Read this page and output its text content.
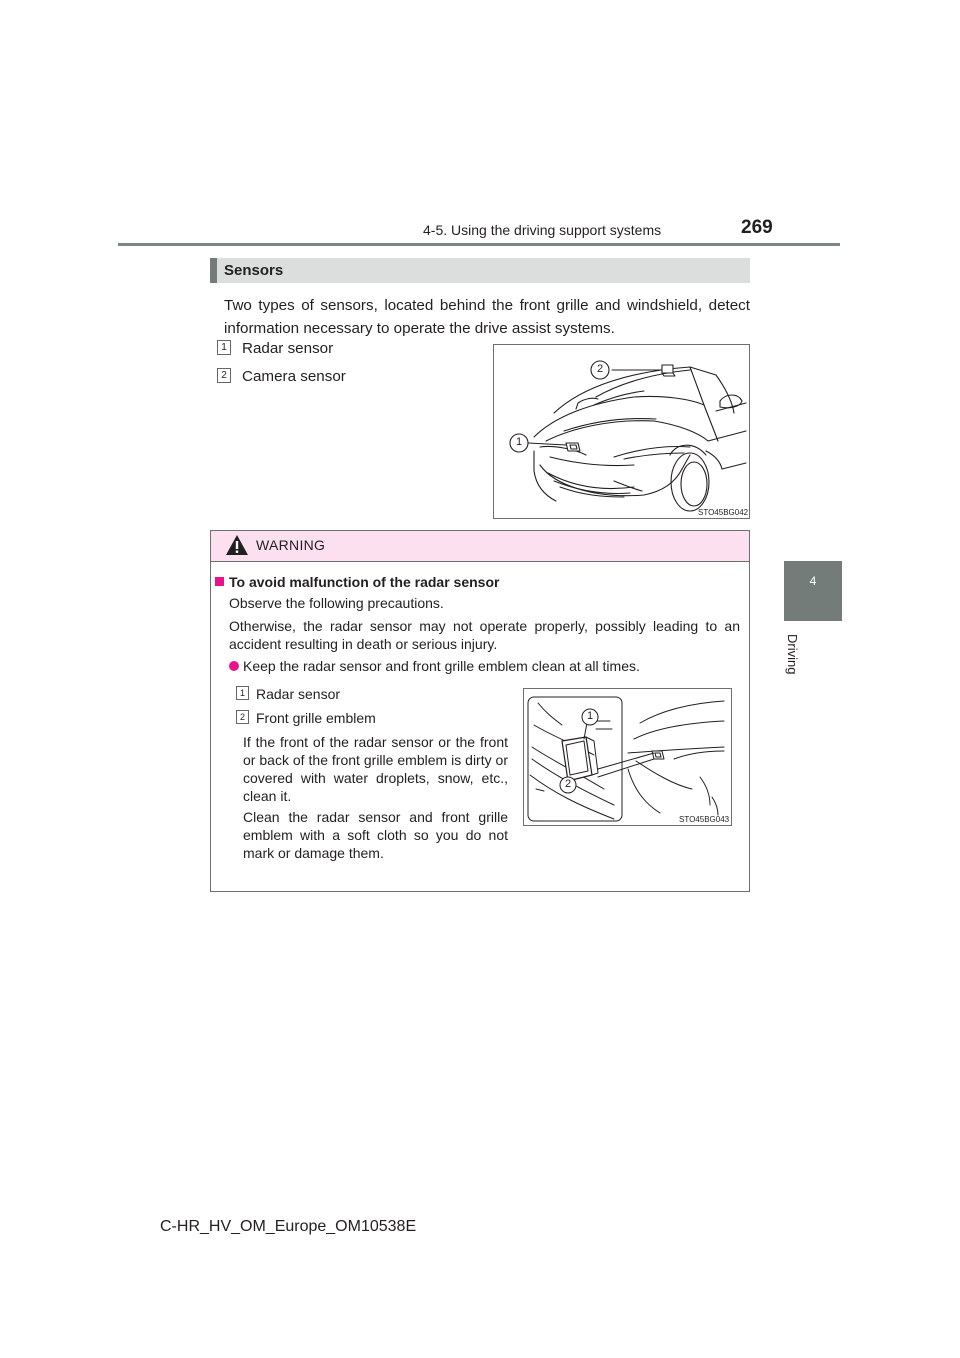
4-5. Using the driving support systems	269
4
Driving
Sensors
Two types of sensors, located behind the front grille and windshield, detect information necessary to operate the drive assist systems.
1 Radar sensor
2 Camera sensor
STO45BG042
2
1
WARNING
To avoid malfunction of the radar sensor
Observe the following precautions.
Otherwise, the radar sensor may not operate properly, possibly leading to an accident resulting in death or serious injury.
Keep the radar sensor and front grille emblem clean at all times.
1 Radar sensor
2 Front grille emblem
If the front of the radar sensor or the front or back of the front grille emblem is dirty or covered with water droplets, snow, etc., clean it.
Clean the radar sensor and front grille emblem with a soft cloth so you do not mark or damage them.
STO45BG043
1
2
C-HR_HV_OM_Europe_OM10538E
